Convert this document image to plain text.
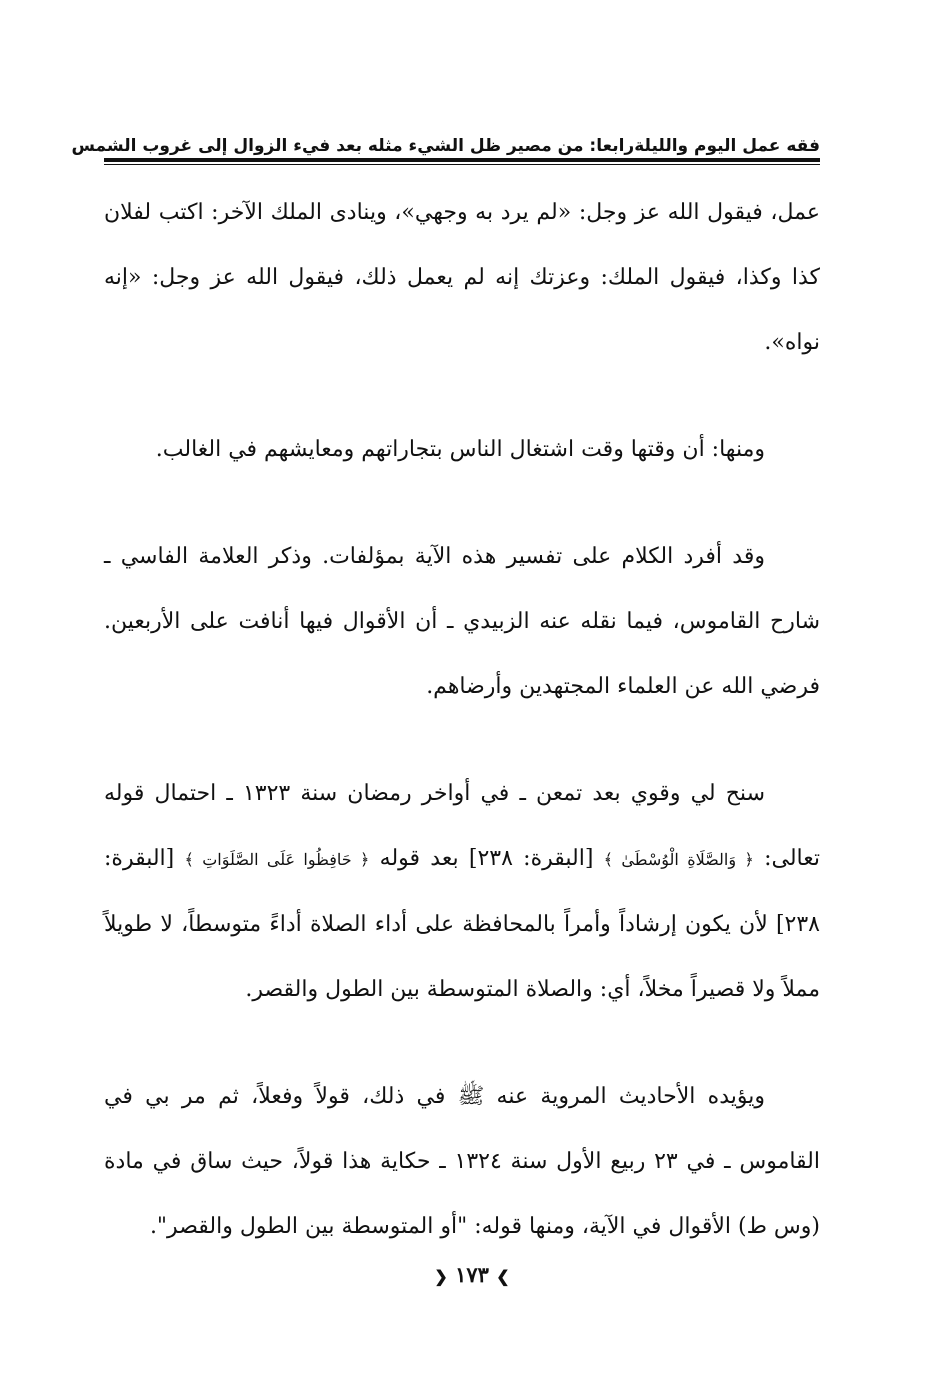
فقه عمل اليوم والليلة
رابعا: من مصير ظل الشيء مثله بعد فيء الزوال إلى غروب الشمس

عمل، فيقول الله عز وجل: «لم يرد به وجهي»، وينادى الملك الآخر: اكتب لفلان كذا وكذا، فيقول الملك: وعزتك إنه لم يعمل ذلك، فيقول الله عز وجل: «إنه نواه».

ومنها: أن وقتها وقت اشتغال الناس بتجاراتهم ومعايشهم في الغالب.

وقد أفرد الكلام على تفسير هذه الآية بمؤلفات. وذكر العلامة الفاسي ـ شارح القاموس، فيما نقله عنه الزبيدي ـ أن الأقوال فيها أنافت على الأربعين. فرضي الله عن العلماء المجتهدين وأرضاهم.

سنح لي وقوي بعد تمعن ـ في أواخر رمضان سنة ١٣٢٣ ـ احتمال قوله تعالى: ﴿ وَالصَّلَاةِ الْوُسْطَىٰ ﴾ [البقرة: ٢٣٨] بعد قوله ﴿ حَافِظُوا عَلَى الصَّلَوَاتِ ﴾ [البقرة: ٢٣٨] لأن يكون إرشاداً وأمراً بالمحافظة على أداء الصلاة أداءً متوسطاً، لا طويلاً مملاً ولا قصيراً مخلاً، أي: والصلاة المتوسطة بين الطول والقصر.

ويؤيده الأحاديث المروية عنه ﷺ في ذلك، قولاً وفعلاً، ثم مر بي في القاموس ـ في ٢٣ ربيع الأول سنة ١٣٢٤ ـ حكاية هذا قولاً، حيث ساق في مادة (وس ط) الأقوال في الآية، ومنها قوله: "أو المتوسطة بين الطول والقصر".

❯ ١٧٣ ❮
